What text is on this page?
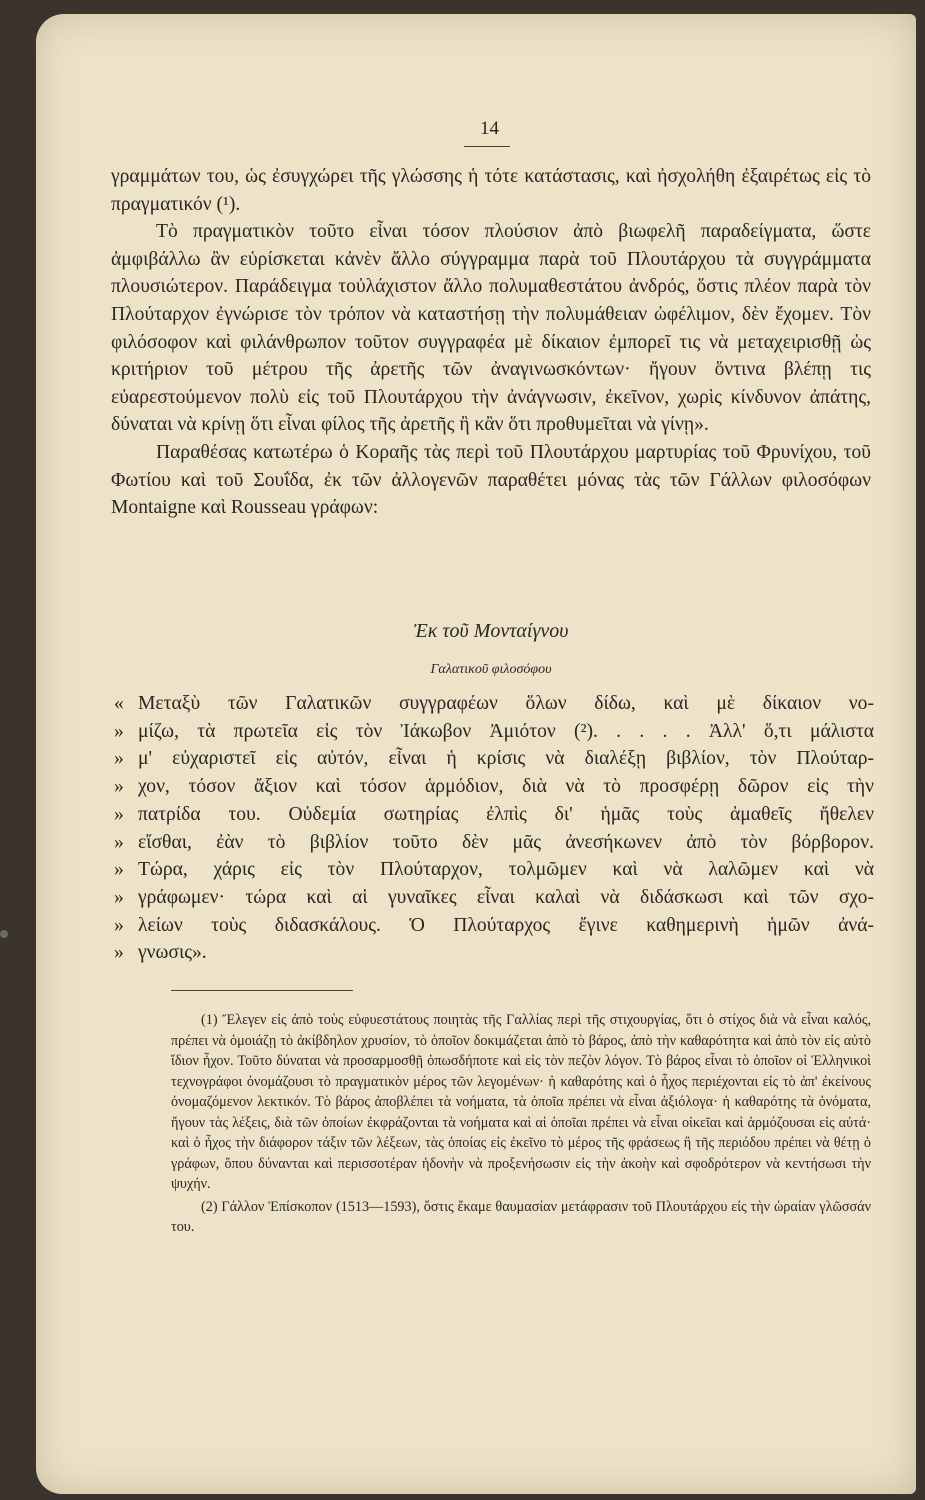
14

γραμμάτων του, ὡς ἐσυγχώρει τῆς γλώσσης ἡ τότε κατάστασις, καὶ ἠσχολήθη ἐξαιρέτως εἰς τὸ πραγματικόν (¹).

Τὸ πραγματικὸν τοῦτο εἶναι τόσον πλούσιον ἀπὸ βιωφελῆ παραδείγματα, ὥστε ἀμφιβάλλω ἂν εὑρίσκεται κἀνὲν ἄλλο σύγγραμμα παρὰ τοῦ Πλουτάρχου τὰ συγγράμματα πλουσιώτερον. Παράδειγμα τοὐλάχιστον ἄλλο πολυμαθεστάτου ἀνδρός, ὅστις πλέον παρὰ τὸν Πλούταρχον ἐγνώρισε τὸν τρόπον νὰ καταστήσῃ τὴν πολυμάθειαν ὠφέλιμον, δὲν ἔχομεν. Τὸν φιλόσοφον καὶ φιλάνθρωπον τοῦτον συγγραφέα μὲ δίκαιον ἐμπορεῖ τις νὰ μεταχειρισθῇ ὡς κριτήριον τοῦ μέτρου τῆς ἀρετῆς τῶν ἀναγινωσκόντων· ἤγουν ὅντινα βλέπῃ τις εὐαρεστούμενον πολὺ εἰς τοῦ Πλουτάρχου τὴν ἀνάγνωσιν, ἐκεῖνον, χωρὶς κίνδυνον ἀπάτης, δύναται νὰ κρίνῃ ὅτι εἶναι φίλος τῆς ἀρετῆς ἢ κἂν ὅτι προθυμεῖται νὰ γίνῃ».

Παραθέσας κατωτέρω ὁ Κοραῆς τὰς περὶ τοῦ Πλουτάρχου μαρτυρίας τοῦ Φρυνίχου, τοῦ Φωτίου καὶ τοῦ Σουΐδα, ἐκ τῶν ἀλλογενῶν παραθέτει μόνας τὰς τῶν Γάλλων φιλοσόφων Montaigne καὶ Rousseau γράφων:

Ἐκ τοῦ Μονταίγνου
Γαλατικοῦ φιλοσόφου
« Μεταξὺ τῶν Γαλατικῶν συγγραφέων ὅλων δίδω, καὶ μὲ δίκαιον νο-
» μίζω, τὰ πρωτεῖα εἰς τὸν Ἰάκωβον Ἀμιότον (²). . . . . Ἀλλ' ὅ,τι μάλιστα
» μ' εὐχαριστεῖ εἰς αὐτόν, εἶναι ἡ κρίσις νὰ διαλέξῃ βιβλίον, τὸν Πλούταρ-
» χον, τόσον ἄξιον καὶ τόσον ἁρμόδιον, διὰ νὰ τὸ προσφέρῃ δῶρον εἰς τὴν
» πατρίδα του. Οὐδεμία σωτηρίας ἐλπὶς δι' ἡμᾶς τοὺς ἀμαθεῖς ἤθελεν
» εἴσθαι, ἐὰν τὸ βιβλίον τοῦτο δὲν μᾶς ἀνεσήκωνεν ἀπὸ τὸν βόρβορον.
» Τώρα, χάρις εἰς τὸν Πλούταρχον, τολμῶμεν καὶ νὰ λαλῶμεν καὶ νὰ
» γράφωμεν· τώρα καὶ αἱ γυναῖκες εἶναι καλαὶ νὰ διδάσκωσι καὶ τῶν σχο-
» λείων τοὺς διδασκάλους. Ὁ Πλούταρχος ἔγινε καθημερινὴ ἡμῶν ἀνά-
» γνωσις».

(1) Ἔλεγεν εἰς ἀπὸ τοὺς εὐφυεστάτους ποιητὰς τῆς Γαλλίας περὶ τῆς στιχουργίας, ὅτι ὁ στίχος διὰ νὰ εἶναι καλός, πρέπει νὰ ὁμοιάζῃ τὸ ἀκίβδηλον χρυσίον, τὸ ὁποῖον δοκιμάζεται ἀπὸ τὸ βάρος, ἀπὸ τὴν καθαρότητα καὶ ἀπὸ τὸν εἰς αὐτὸ ἴδιον ἦχον. Τοῦτο δύναται νὰ προσαρμοσθῇ ὁπωσδήποτε καὶ εἰς τὸν πεζὸν λόγον. Τὸ βάρος εἶναι τὸ ὁποῖον οἱ Ἑλληνικοὶ τεχνογράφοι ὀνομάζουσι τὸ πραγματικὸν μέρος τῶν λεγομένων· ἡ καθαρότης καὶ ὁ ἦχος περιέχονται εἰς τὸ ἀπ' ἐκείνους ὀνομαζόμενον λεκτικόν. Τὸ βάρος ἀποβλέπει τὰ νοήματα, τὰ ὁποῖα πρέπει νὰ εἶναι ἀξιόλογα· ἡ καθαρότης τὰ ὀνόματα, ἤγουν τὰς λέξεις, διὰ τῶν ὁποίων ἐκφράζονται τὰ νοήματα καὶ αἱ ὁποῖαι πρέπει νὰ εἶναι οἰκεῖαι καὶ ἁρμόζουσαι εἰς αὐτά· καὶ ὁ ἦχος τὴν διάφορον τάξιν τῶν λέξεων, τὰς ὁποίας εἰς ἐκεῖνο τὸ μέρος τῆς φράσεως ἢ τῆς περιόδου πρέπει νὰ θέτῃ ὁ γράφων, ὅπου δύνανται καὶ περισσοτέραν ἡδονὴν νὰ προξενήσωσιν εἰς τὴν ἀκοὴν καὶ σφοδρότερον νὰ κεντήσωσι τὴν ψυχήν.

(2) Γάλλον Ἐπίσκοπον (1513—1593), ὅστις ἔκαμε θαυμασίαν μετάφρασιν τοῦ Πλουτάρχου εἰς τὴν ὡραίαν γλῶσσάν του.
